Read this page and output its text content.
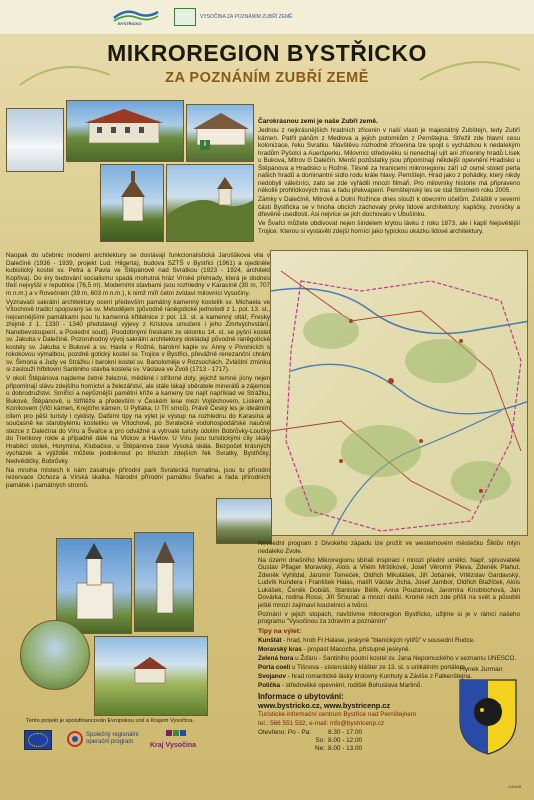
BYSTŘICKO
VYSOČINA ZA POZNÁNÍM ZUBŘÍ ZEMĚ
MIKROREGION BYSTŘICKO
ZA POZNÁNÍM ZUBŘÍ ZEMĚ
i

Čarokrásnou zemí je naše Zubří země.

Jednou z nejkrásnějších hradních zřícenin v naší vlasti je majestátný Zubštejn, tedy Zubří kámen. Patřil pánům z Medlova a jejich potomkům z Pernštejna. Střežil zde hlavní cesu kolonizace, řeku Svratku. Návštěvu rozhodně zřícenina lze spojit s vycházkou k nedalekým hradům Pyšolci a Aueršperku. Milovníci středověku si nenechají ujít ani zříceniny hradů Lísek u Bukova, Mitrov či Dalečín. Menší pozůstatky jsou připomínají někdejší opevnění Hradisko u Štěpánova a Hradisko u Rožné. Těsně za hranicemi mikroregionu září už osmé století perla našich hradů a dominantní sídlo rodu krále hlavy. Pernštejn. Hrad jako z pohádky, který nikdy nedobyli válečníci, zato se zde vyřádili mnozí filmaři. Pro milovníky historie má připraveno několik prohlídkových tras a řadu překvapení. Pernštejnský les se stal Stromem roku 2005.

Zámky v Dalečíně, Mitrově a Dolní Rožínce dnes slouží k obecním účelům. Zvláště v severní části Bystřicka se v hnoha obcích zachovaly prvky lidové architektury: kapličky, zvoničky a dřevěné usedlosti. Asi nejvíce se jich dochovalo v Ubušínku.

Ve Švařci můžete obdivovat nejen šindelem krytou lávku z roku 1873, ale i kaplí Nejsvětější Trojice. Kterou si vystavěli zdejší horníci jako typickou ukázku lidové architektury.

Naopak do učebnic moderní architektury se dostávají funkcionalistická Jarošškova vila v Dalečíně (1936 - 1939, projekt Lud. Hilgerta), budova SZTŠ v Bystřici (1961) a ojediněle kubistický kostel sv. Petra a Pavla ve Štěpánově nad Svratkou (1923 - 1924, architekt Kopřiva). Do éry budování socialismu spadá mohutná hráz Vírské přehrady, která je dodnes třetí nejvyšší v republice (76,5 m). Moderními stavbami jsou rozhledny v Karasíně (30 m, 707 m n.m.) a v Rovečném (39 m, 603 m n.m.), k nimž míří četní zvídaví milovníci Vysočiny.

Vyznavači sakrální architektury ocení především památný kamenný kostelík sv. Michaela ve Vítochově tradicí spojovaný se sv. Metodějem (původně raněgotické jednolodí z 1. pol. 13. st., nejcennějšími památkami jsou tu kamenná křtitelnice z pol. 13. st. a kamenný oltář, Fresky zřejmě z 1. 1330 - 1340 představují výjevy z Kristova umučení i jeho Zmrtvýchvstání, Nanebevstoupení, a Poslední soud). Poodobnými freskami ze sklonku 14. st. se pyšní kostel sv. Jakuba v Dalečíně. Pozoruhodný vývoj sakrální architektury dokládají původně raněgotické kostely sv. Jakuba v Bukové a sv. Havla v Rožné, barokní kaple sv. Anny v Pivonicích s rokokovou výmalbou, pozdně gotický kostel sv. Trojice v Bystřici, převážně renezanční chrám sv. Šimona a Judy ve Strážku i barokní kostel sv. Bartoloměje v Rozsochách. Zvláštní zmínku si zaslouží hřbitovní Santiniho stavba kostela sv. Václava ve Zvoli (1713 - 1717).

V okolí Štěpánova najdeme četné železné, měděné i stříbrné doly, jejichž temné jícny nejen připomínají slávu zdejšího hornictví a železářství, ale stále lákají sběratele minerálů a zájemce o dobrodružství. Smířící a nejrůznější pamětní kříže a kameny lze najít například ve Strážku, Bukové, Štěpánově, u Střítěže a především v Českém lese mezi Vojtěchovem, Lískem a Koníkovem (Vlčí kámen, Krejčího kámen, U Pyltáka, U Tří srnců). Právě Český les je ideálním cílem pro pěší turisty i cyklisty. Dalšími tipy na výlet je výstup na rozhlednu do Karasína a současně ke starobylému kostelíku ve Vítochově, po Svratecké vodohospodářské naučné stezce z Dalečína do Víru a Švařce a pro odvážné a vytrvalé turisty údolím Bobrůvky-Loučky do Trenkovy rokle a případně dále na Vlckov a Havlov. U Víru jsou turistickými cíly skály Hraběcí stolek, Horymina, Klubačice, u Štěpánova zase Vysoká skála. Bezpočet krásných vycházek a výjižděk můžete podniknout po březích zdejších řek Svratky, Bystřičky, Nedvědičky, Bobrůvky.

Na mnoha místech k nám zasahuje přírodní park Svratecká hornatina, jsou tu přírodní rezervace Ochoza a Vírská skalka. Národní přírodní památku Švařec a řada přírodních památek i památných stromů.

Nevšední program z Divokého západu lze prožít ve westernovém městečku Šiklův mlýn nedaleko Zvole.

Na území dnešního Mikroregionu sbírali inspiraci i mnozí přední umělci. Např. spisovatelé Gustav Pflager Moravský, Alois a Vilém Mrštíkové, Josef Věromír Pleva, Zdeněk Plahut, Zdeněk Vyhlídal, Jaromír Tomeček, Oldřich Mikulášek, Jiří Jobánek, Vítězslav Gardavský, Ludvík Kundera i František Halas, malíři Václav Jícha, Josef Jambor, Oldřich Blažíček, Alois Lukášek, Čeněk Dobiáš, Stanislav Bělík, Anna Pouzarová, Jaromíra Knoblochová, Jan Dovárka, rodina Rossi, Jiří Šťourač a mnozí další. Kromě nich zde přišli na svět a působili ještě mnozí zajímaví kouzelníci a tvůrci.

Poznání v jejich stopách, navštívme mikroregion Bystřicko, užijme si je v rámci našeho programu "Vysočinou za zdravím a poznáním"

Tipy na výlet:

Kunštát - hrad, hrob Fr.Halase, jeskyně "blanických rytířů" v sousední Rudce.

Moravský kras - propast Macocha, přístupné jeskyně.

Zelená hora u Žďáru - Santiniho poutní kostel sv. Jana Nepomuckého v seznamu UNESCO.

Porta coeli u Tišnova - cisterciácký klášter ze 13. st. s unikátním portálem.

Svojanov - hrad romantické lásky krslovny Kunhuty a Záviše z Falkenštejna.

Polička - středověké opevnění, rodiště Bohuslava Martinů.

Informace o ubytování:

www.bystricko.cz, www.bystricenp.cz

Turistické informační centrum Bystřice nad Pernštejnem

tel.: 566 551 532, e-mail: info@bystricenp.cz

Otevřeno: Po - Pa:	8.30 - 17.00
So: 8.00 - 12.00
Ne: 8.00 - 13.00
Hynek Jurman
Tento projekt je spolufinancován Evropskou unií a Krajem Vysočina.
Společný regionální operační program	Kraj Vysočina
G400/8
